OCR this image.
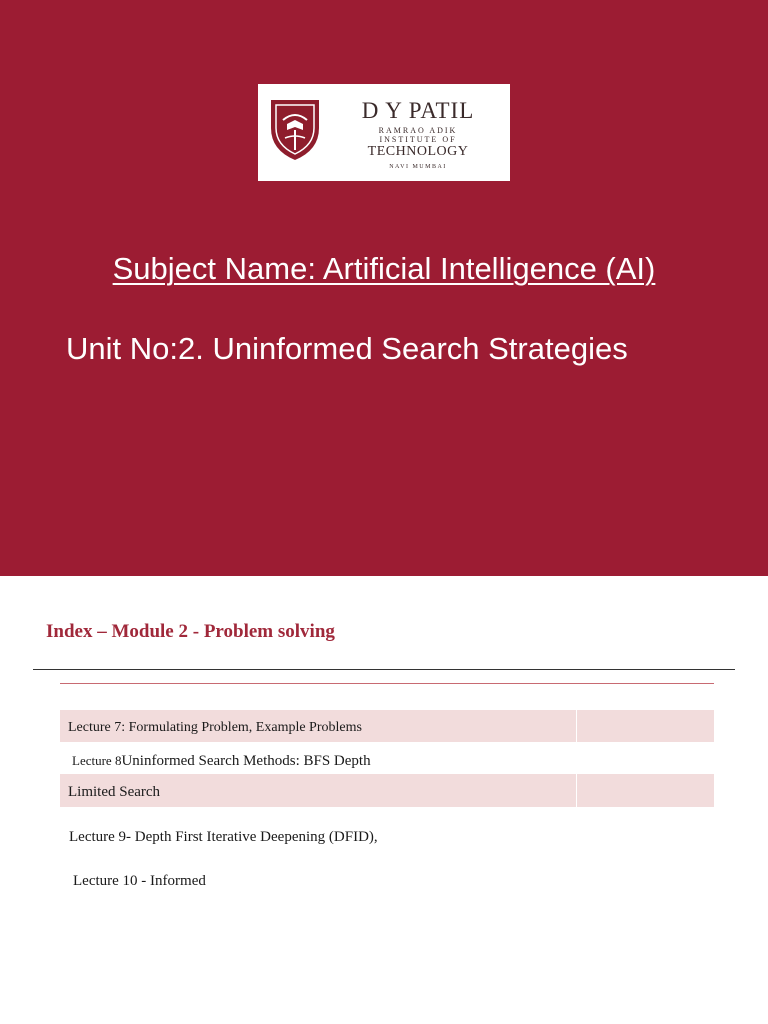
D Y PATIL
RAMRAO ADIK
INSTITUTE OF
TECHNOLOGY
NAVI MUMBAI
Subject Name: Artificial Intelligence (AI)
Unit No:2. Uninformed Search Strategies
Index – Module 2 - Problem solving
Lecture 7: Formulating Problem, Example Problems
Lecture 8Uninformed Search Methods: BFS Depth
Limited Search
Lecture 9- Depth First Iterative Deepening (DFID),
Lecture 10 - Informed
